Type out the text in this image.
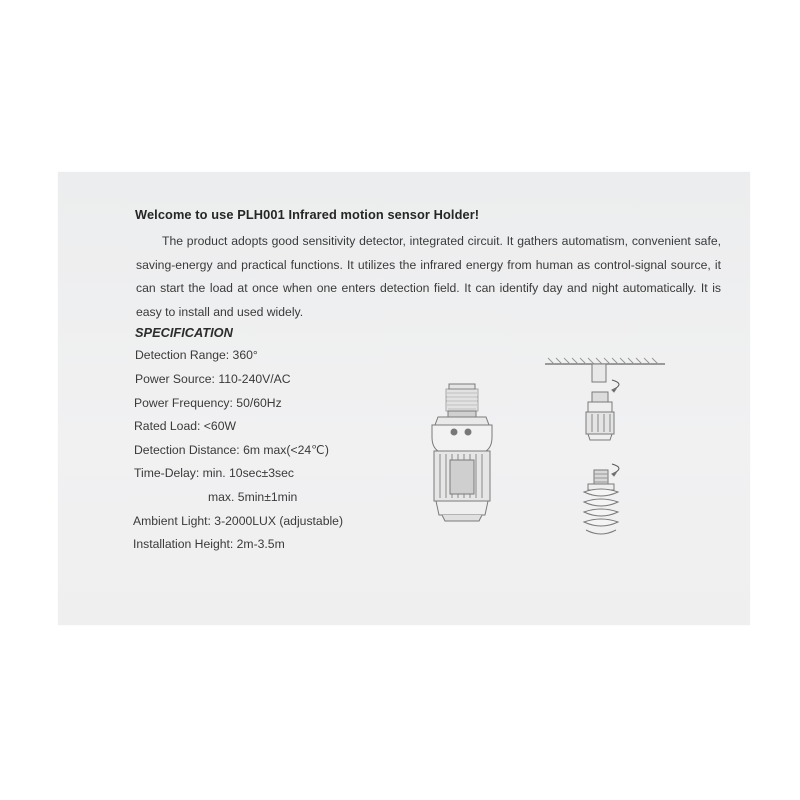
Welcome to use PLH001 Infrared motion sensor Holder!
The product adopts good sensitivity detector, integrated circuit. It gathers automatism, convenient safe, saving-energy and practical functions. It utilizes the infrared energy from human as control-signal source, it can start the load at once when one enters detection field. It can identify day and night automatically. It is easy to install and used widely.
SPECIFICATION
Detection Range: 360°
Power Source: 110-240V/AC
Power Frequency: 50/60Hz
Rated Load: <60W
Detection Distance: 6m max(<24℃)
Time-Delay: min. 10sec±3sec
max. 5min±1min
Ambient Light: 3-2000LUX (adjustable)
Installation Height: 2m-3.5m
